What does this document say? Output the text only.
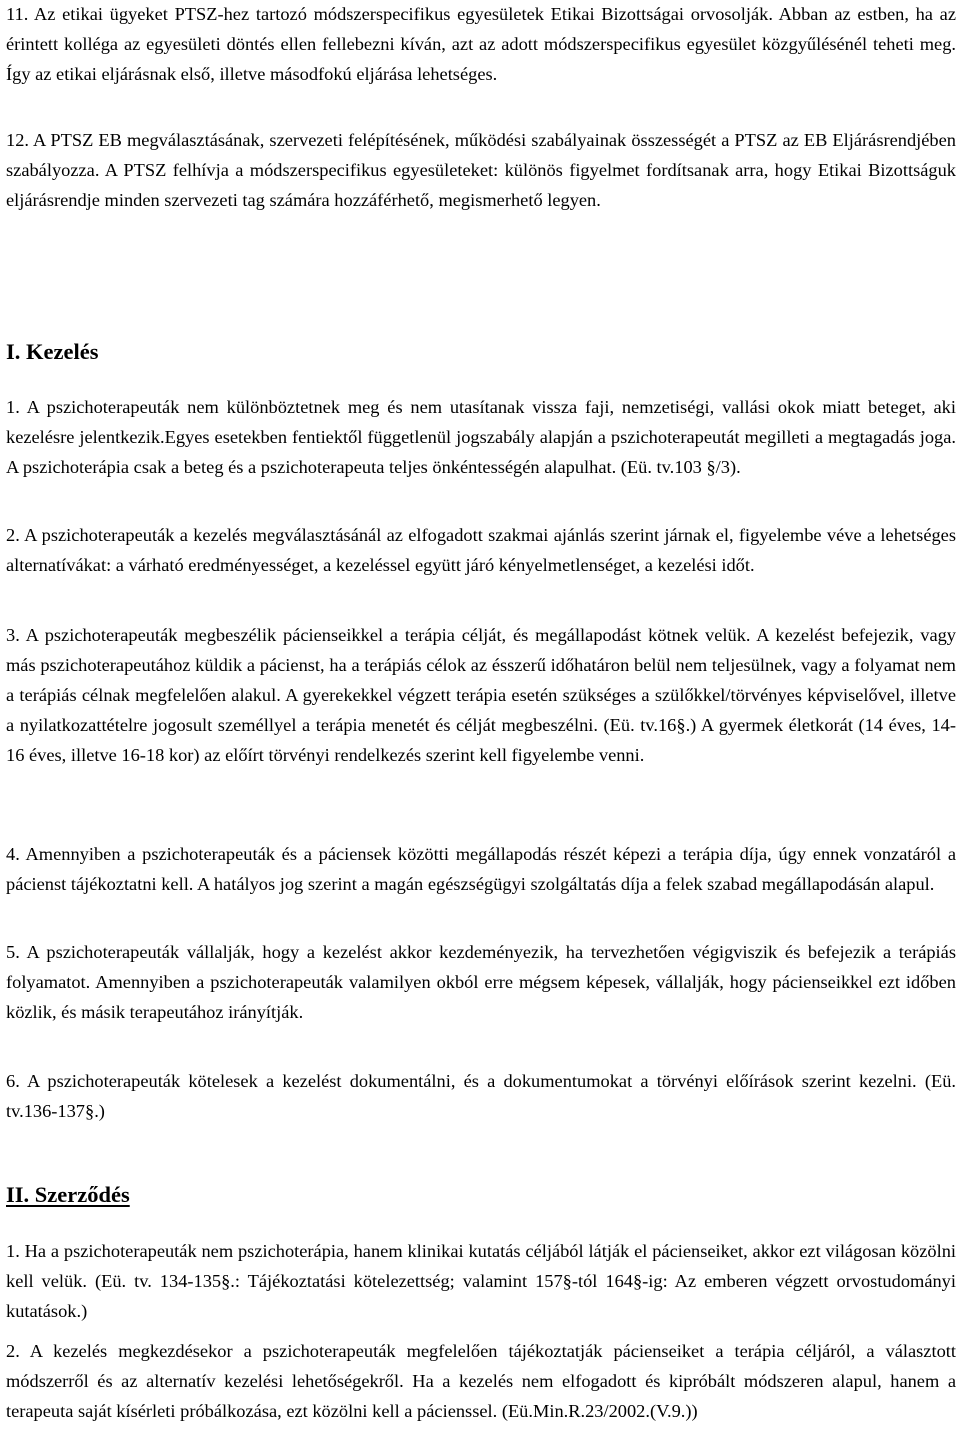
11. Az etikai ügyeket PTSZ-hez tartozó módszerspecifikus egyesületek Etikai Bizottságai orvosolják. Abban az estben, ha az érintett kolléga az egyesületi döntés ellen fellebezni kíván, azt az adott módszerspecifikus egyesület közgyűlésénél teheti meg. Így az etikai eljárásnak első, illetve másodfokú eljárása lehetséges.

12. A PTSZ EB megválasztásának, szervezeti felépítésének, működési szabályainak összességét a PTSZ az EB Eljárásrendjében szabályozza. A PTSZ felhívja a módszerspecifikus egyesületeket: különös figyelmet fordítsanak arra, hogy Etikai Bizottságuk eljárásrendje minden szervezeti tag számára hozzáférhető, megismerhető legyen.

I. Kezelés

1. A pszichoterapeuták nem különböztetnek meg és nem utasítanak vissza faji, nemzetiségi, vallási okok miatt beteget, aki kezelésre jelentkezik.Egyes esetekben fentiektől függetlenül jogszabály alapján a pszichoterapeutát megilleti a megtagadás joga. A pszichoterápia csak a beteg és a pszichoterapeuta teljes önkéntességén alapulhat. (Eü. tv.103 §/3).

2. A pszichoterapeuták a kezelés megválasztásánál az elfogadott szakmai ajánlás szerint járnak el, figyelembe véve a lehetséges alternatívákat: a várható eredményességet, a kezeléssel együtt járó kényelmetlenséget, a kezelési időt.

3. A pszichoterapeuták megbeszélik pácienseikkel a terápia célját, és megállapodást kötnek velük. A kezelést befejezik, vagy más pszichoterapeutához küldik a pácienst, ha a terápiás célok az ésszerű időhatáron belül nem teljesülnek, vagy a folyamat nem a terápiás célnak megfelelően alakul. A gyerekekkel végzett terápia esetén szükséges a szülőkkel/törvényes képviselővel, illetve a nyilatkozattételre jogosult személlyel a terápia menetét és célját megbeszélni. (Eü. tv.16§.) A gyermek életkorát (14 éves, 14-16 éves, illetve 16-18 kor) az előírt törvényi rendelkezés szerint kell figyelembe venni.

4. Amennyiben a pszichoterapeuták és a páciensek közötti megállapodás részét képezi a terápia díja, úgy ennek vonzatáról a pácienst tájékoztatni kell. A hatályos jog szerint a magán egészségügyi szolgáltatás díja a felek szabad megállapodásán alapul.

5. A pszichoterapeuták vállalják, hogy a kezelést akkor kezdeményezik, ha tervezhetően végigviszik és befejezik a terápiás folyamatot. Amennyiben a pszichoterapeuták valamilyen okból erre mégsem képesek, vállalják, hogy pácienseikkel ezt időben közlik, és másik terapeutához irányítják.

6. A pszichoterapeuták kötelesek a kezelést dokumentálni, és a dokumentumokat a törvényi előírások szerint kezelni. (Eü. tv.136-137§.)

II. Szerződés

1. Ha a pszichoterapeuták nem pszichoterápia, hanem klinikai kutatás céljából látják el pácienseiket, akkor ezt világosan közölni kell velük. (Eü. tv. 134-135§.: Tájékoztatási kötelezettség; valamint 157§-tól 164§-ig: Az emberen végzett orvostudományi kutatások.)

2. A kezelés megkezdésekor a pszichoterapeuták megfelelően tájékoztatják pácienseiket a terápia céljáról, a választott módszerről és az alternatív kezelési lehetőségekről. Ha a kezelés nem elfogadott és kipróbált módszeren alapul, hanem a terapeuta saját kísérleti próbálkozása, ezt közölni kell a pácienssel. (Eü.Min.R.23/2002.(V.9.))
